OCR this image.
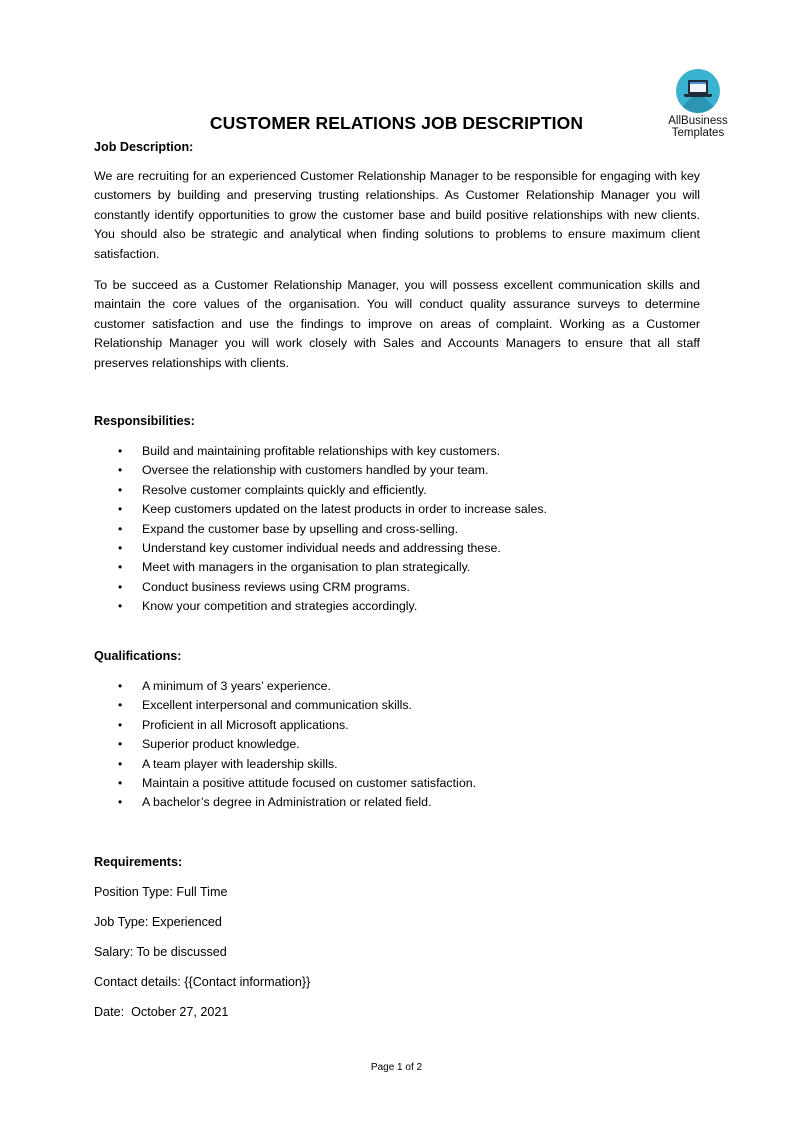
AllBusiness
Templates
CUSTOMER RELATIONS JOB DESCRIPTION
Job Description:
We are recruiting for an experienced Customer Relationship Manager to be responsible for engaging with key customers by building and preserving trusting relationships. As Customer Relationship Manager you will constantly identify opportunities to grow the customer base and build positive relationships with new clients. You should also be strategic and analytical when finding solutions to problems to ensure maximum client satisfaction.
To be succeed as a Customer Relationship Manager, you will possess excellent communication skills and maintain the core values of the organisation. You will conduct quality assurance surveys to determine customer satisfaction and use the findings to improve on areas of complaint. Working as a Customer Relationship Manager you will work closely with Sales and Accounts Managers to ensure that all staff preserves relationships with clients.
Responsibilities:
• Build and maintaining profitable relationships with key customers.
• Oversee the relationship with customers handled by your team.
• Resolve customer complaints quickly and efficiently.
• Keep customers updated on the latest products in order to increase sales.
• Expand the customer base by upselling and cross-selling.
• Understand key customer individual needs and addressing these.
• Meet with managers in the organisation to plan strategically.
• Conduct business reviews using CRM programs.
• Know your competition and strategies accordingly.
Qualifications:
• A minimum of 3 years’ experience.
• Excellent interpersonal and communication skills.
• Proficient in all Microsoft applications.
• Superior product knowledge.
• A team player with leadership skills.
• Maintain a positive attitude focused on customer satisfaction.
• A bachelor’s degree in Administration or related field.
Requirements:
Position Type: Full Time
Job Type: Experienced
Salary: To be discussed
Contact details: {{Contact information}}
Date:  October 27, 2021
Page 1 of 2
